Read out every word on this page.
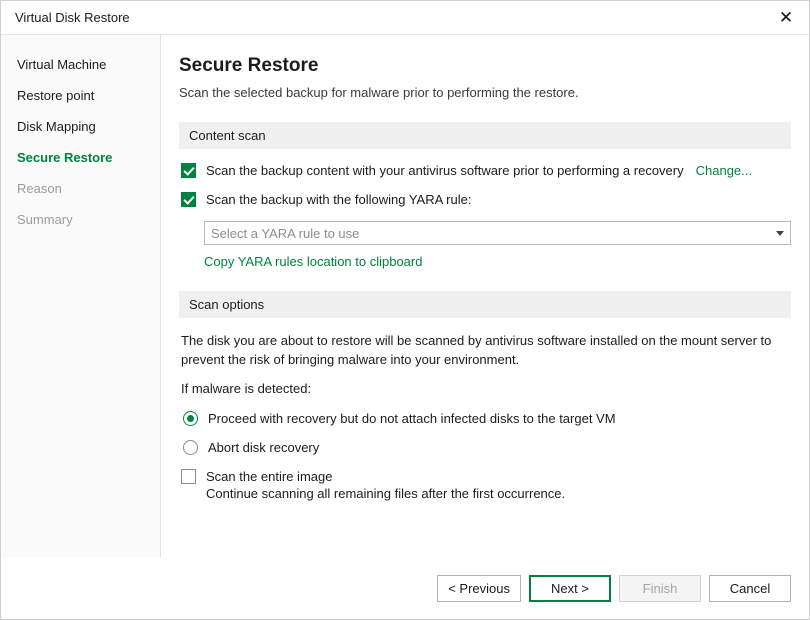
Virtual Disk Restore	✕
Virtual Machine
Restore point
Disk Mapping
Secure Restore
Reason
Summary
Secure Restore

Scan the selected backup for malware prior to performing the restore.

Content scan
Scan the backup content with your antivirus software prior to performing a recovery Change...
Scan the backup with the following YARA rule:
Select a YARA rule to use
Copy YARA rules location to clipboard
Scan options

The disk you are about to restore will be scanned by antivirus software installed on the mount server to prevent the risk of bringing malware into your environment.

If malware is detected:

Proceed with recovery but do not attach infected disks to the target VM
Abort disk recovery
Scan the entire image
Continue scanning all remaining files after the first occurrence.
< Previous	Next >	Finish	Cancel
